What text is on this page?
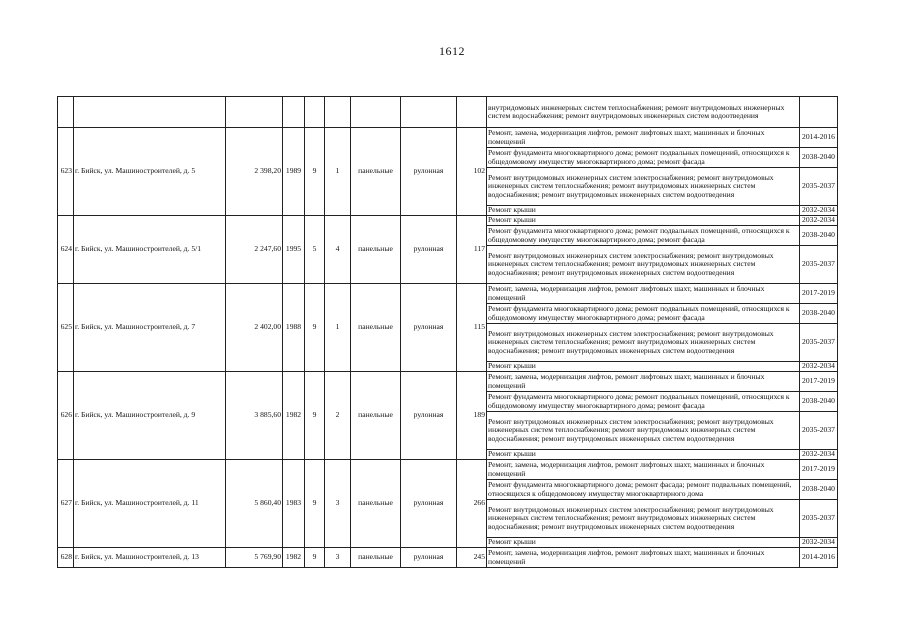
1612
									внутридомовых инженерных систем теплоснабжения; ремонт внутридомовых инженерных систем водоснабжения; ремонт внутридомовых инженерных систем водоотведения	
623	г. Бийск, ул. Машиностроителей, д. 5	2 398,20	1989	9	1	панельные	рулонная	102	Ремонт, замена, модернизация лифтов, ремонт лифтовых шахт, машинных и блочных помещений	2014-2016
									Ремонт фундамента многоквартирного дома; ремонт подвальных помещений, относящихся к общедомовому имуществу многоквартирного дома; ремонт фасада	2038-2040
									Ремонт внутридомовых инженерных систем электроснабжения; ремонт внутридомовых инженерных систем теплоснабжения; ремонт внутридомовых инженерных систем водоснабжения; ремонт внутридомовых инженерных систем водоотведения	2035-2037
									Ремонт крыши	2032-2034
624	г. Бийск, ул. Машиностроителей, д. 5/1	2 247,60	1995	5	4	панельные	рулонная	117	Ремонт крыши	2032-2034
									Ремонт фундамента многоквартирного дома; ремонт подвальных помещений, относящихся к общедомовому имуществу многоквартирного дома; ремонт фасада	2038-2040
									Ремонт внутридомовых инженерных систем электроснабжения; ремонт внутридомовых инженерных систем теплоснабжения; ремонт внутридомовых инженерных систем водоснабжения; ремонт внутридомовых инженерных систем водоотведения	2035-2037
625	г. Бийск, ул. Машиностроителей, д. 7	2 402,00	1988	9	1	панельные	рулонная	115	Ремонт, замена, модернизация лифтов, ремонт лифтовых шахт, машинных и блочных помещений	2017-2019
									Ремонт фундамента многоквартирного дома; ремонт подвальных помещений, относящихся к общедомовому имуществу многоквартирного дома; ремонт фасада	2038-2040
									Ремонт внутридомовых инженерных систем электроснабжения; ремонт внутридомовых инженерных систем теплоснабжения; ремонт внутридомовых инженерных систем водоснабжения; ремонт внутридомовых инженерных систем водоотведения	2035-2037
									Ремонт крыши	2032-2034
626	г. Бийск, ул. Машиностроителей, д. 9	3 885,60	1982	9	2	панельные	рулонная	189	Ремонт, замена, модернизация лифтов, ремонт лифтовых шахт, машинных и блочных помещений	2017-2019
									Ремонт фундамента многоквартирного дома; ремонт подвальных помещений, относящихся к общедомовому имуществу многоквартирного дома; ремонт фасада	2038-2040
									Ремонт внутридомовых инженерных систем электроснабжения; ремонт внутридомовых инженерных систем теплоснабжения; ремонт внутридомовых инженерных систем водоснабжения; ремонт внутридомовых инженерных систем водоотведения	2035-2037
									Ремонт крыши	2032-2034
627	г. Бийск, ул. Машиностроителей, д. 11	5 860,40	1983	9	3	панельные	рулонная	266	Ремонт, замена, модернизация лифтов, ремонт лифтовых шахт, машинных и блочных помещений	2017-2019
									Ремонт фундамента многоквартирного дома; ремонт фасада; ремонт подвальных помещений, относящихся к общедомовому имуществу многоквартирного дома	2038-2040
									Ремонт внутридомовых инженерных систем электроснабжения; ремонт внутридомовых инженерных систем теплоснабжения; ремонт внутридомовых инженерных систем водоснабжения; ремонт внутридомовых инженерных систем водоотведения	2035-2037
									Ремонт крыши	2032-2034
628	г. Бийск, ул. Машиностроителей, д. 13	5 769,90	1982	9	3	панельные	рулонная	245	Ремонт, замена, модернизация лифтов, ремонт лифтовых шахт, машинных и блочных помещений	2014-2016
